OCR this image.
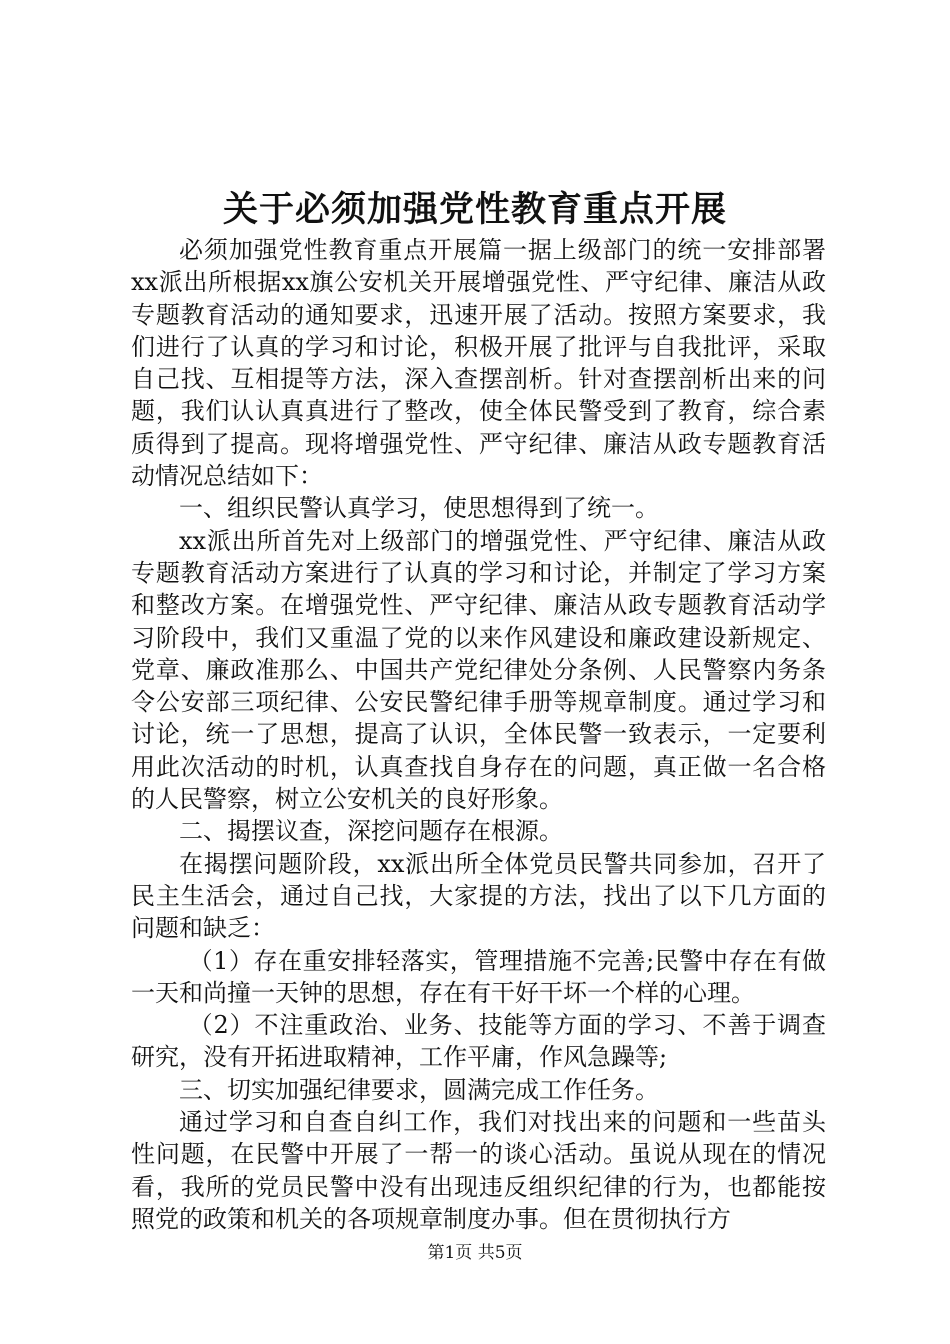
关于必须加强党性教育重点开展

必须加强党性教育重点开展篇一据上级部门的统一安排部署xx派出所根据xx旗公安机关开展增强党性、严守纪律、廉洁从政专题教育活动的通知要求，迅速开展了活动。按照方案要求，我们进行了认真的学习和讨论，积极开展了批评与自我批评，采取自己找、互相提等方法，深入查摆剖析。针对查摆剖析出来的问题，我们认认真真进行了整改，使全体民警受到了教育，综合素质得到了提高。现将增强党性、严守纪律、廉洁从政专题教育活动情况总结如下：

一、组织民警认真学习，使思想得到了统一。

xx派出所首先对上级部门的增强党性、严守纪律、廉洁从政专题教育活动方案进行了认真的学习和讨论，并制定了学习方案和整改方案。在增强党性、严守纪律、廉洁从政专题教育活动学习阶段中，我们又重温了党的以来作风建设和廉政建设新规定、党章、廉政准那么、中国共产党纪律处分条例、人民警察内务条令公安部三项纪律、公安民警纪律手册等规章制度。通过学习和讨论，统一了思想，提高了认识，全体民警一致表示，一定要利用此次活动的时机，认真查找自身存在的问题，真正做一名合格的人民警察，树立公安机关的良好形象。

二、揭摆议查，深挖问题存在根源。

在揭摆问题阶段，xx派出所全体党员民警共同参加，召开了民主生活会，通过自己找，大家提的方法，找出了以下几方面的问题和缺乏：

（1）存在重安排轻落实，管理措施不完善;民警中存在有做一天和尚撞一天钟的思想，存在有干好干坏一个样的心理。

（2）不注重政治、业务、技能等方面的学习、不善于调查研究，没有开拓进取精神，工作平庸，作风急躁等;

三、切实加强纪律要求，圆满完成工作任务。

通过学习和自查自纠工作，我们对找出来的问题和一些苗头性问题，在民警中开展了一帮一的谈心活动。虽说从现在的情况看，我所的党员民警中没有出现违反组织纪律的行为，也都能按照党的政策和机关的各项规章制度办事。但在贯彻执行方

第1页 共5页
